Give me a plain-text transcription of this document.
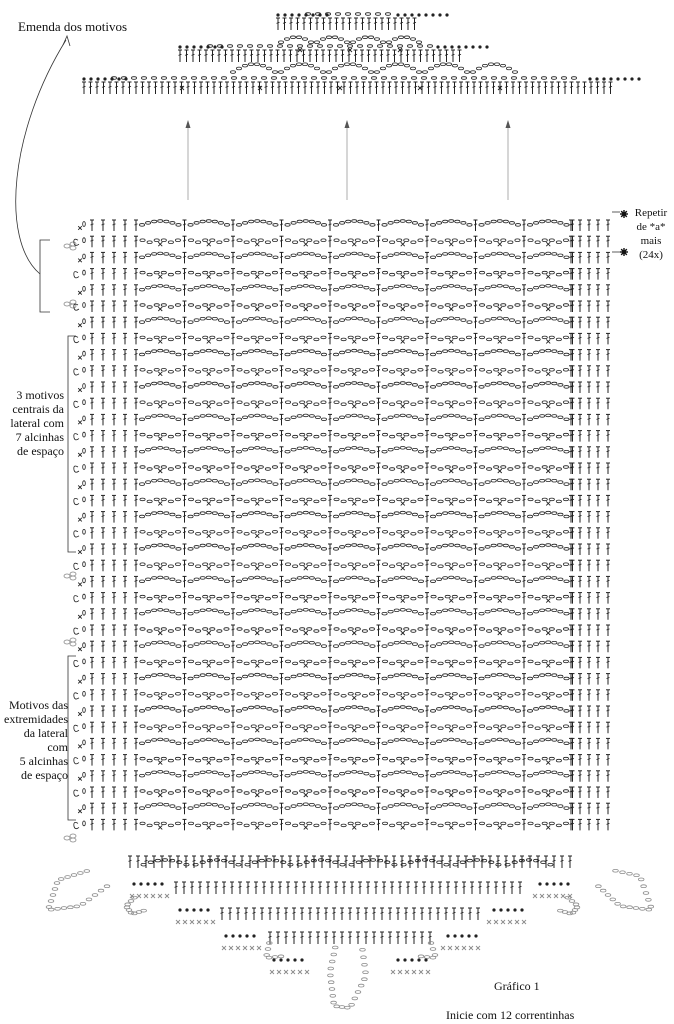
Emenda dos motivos
Repetir
de *a*
mais
(24x)
3 motivos
centrais da
lateral com
7 alcinhas
de espaço
Motivos das
extremidades
da lateral
com
5 alcinhas
de espaço
Gráfico 1
Inicie com 12 correntinhas
